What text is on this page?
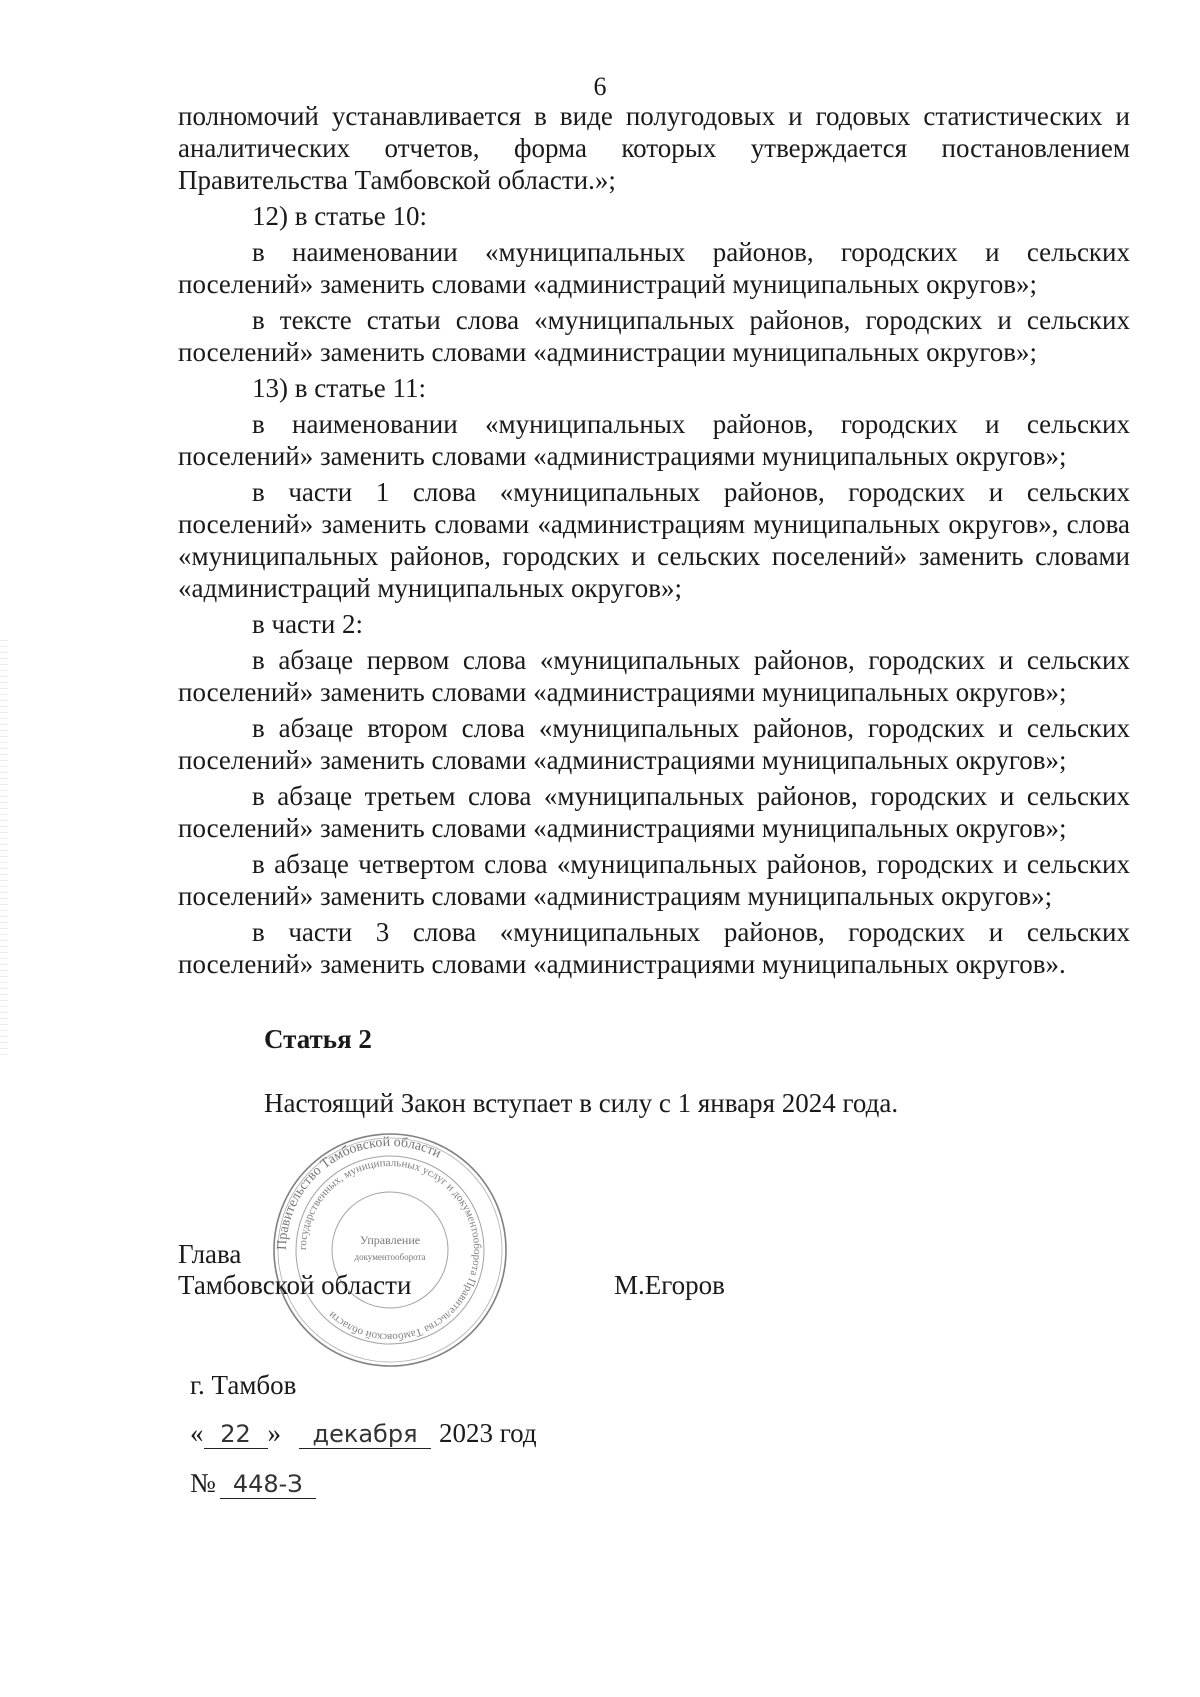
6

полномочий устанавливается в виде полугодовых и годовых статистических и аналитических отчетов, форма которых утверждается постановлением Правительства Тамбовской области.»;

12) в статье 10:

в наименовании «муниципальных районов, городских и сельских поселений» заменить словами «администраций муниципальных округов»;

в тексте статьи слова «муниципальных районов, городских и сельских поселений» заменить словами «администрации муниципальных округов»;

13) в статье 11:

в наименовании «муниципальных районов, городских и сельских поселений» заменить словами «администрациями муниципальных округов»;

в части 1 слова «муниципальных районов, городских и сельских поселений» заменить словами «администрациям муниципальных округов», слова «муниципальных районов, городских и сельских поселений» заменить словами «администраций муниципальных округов»;

в части 2:

в абзаце первом слова «муниципальных районов, городских и сельских поселений» заменить словами «администрациями муниципальных округов»;

в абзаце втором слова «муниципальных районов, городских и сельских поселений» заменить словами «администрациями муниципальных округов»;

в абзаце третьем слова «муниципальных районов, городских и сельских поселений» заменить словами «администрациями муниципальных округов»;

в абзаце четвертом слова «муниципальных районов, городских и сельских поселений» заменить словами «администрациям муниципальных округов»;

в части 3 слова «муниципальных районов, городских и сельских поселений» заменить словами «администрациями муниципальных округов».

Статья 2
Настоящий Закон вступает в силу с 1 января 2024 года.
Правительство Тамбовской области
государственных, муниципальных услуг и документооборота Правительства Тамбовской области
Управление
документооборота
Глава
Тамбовской области	М.Егоров
г. Тамбов
« 22 »	декабря 2023 год
№ 448-З
